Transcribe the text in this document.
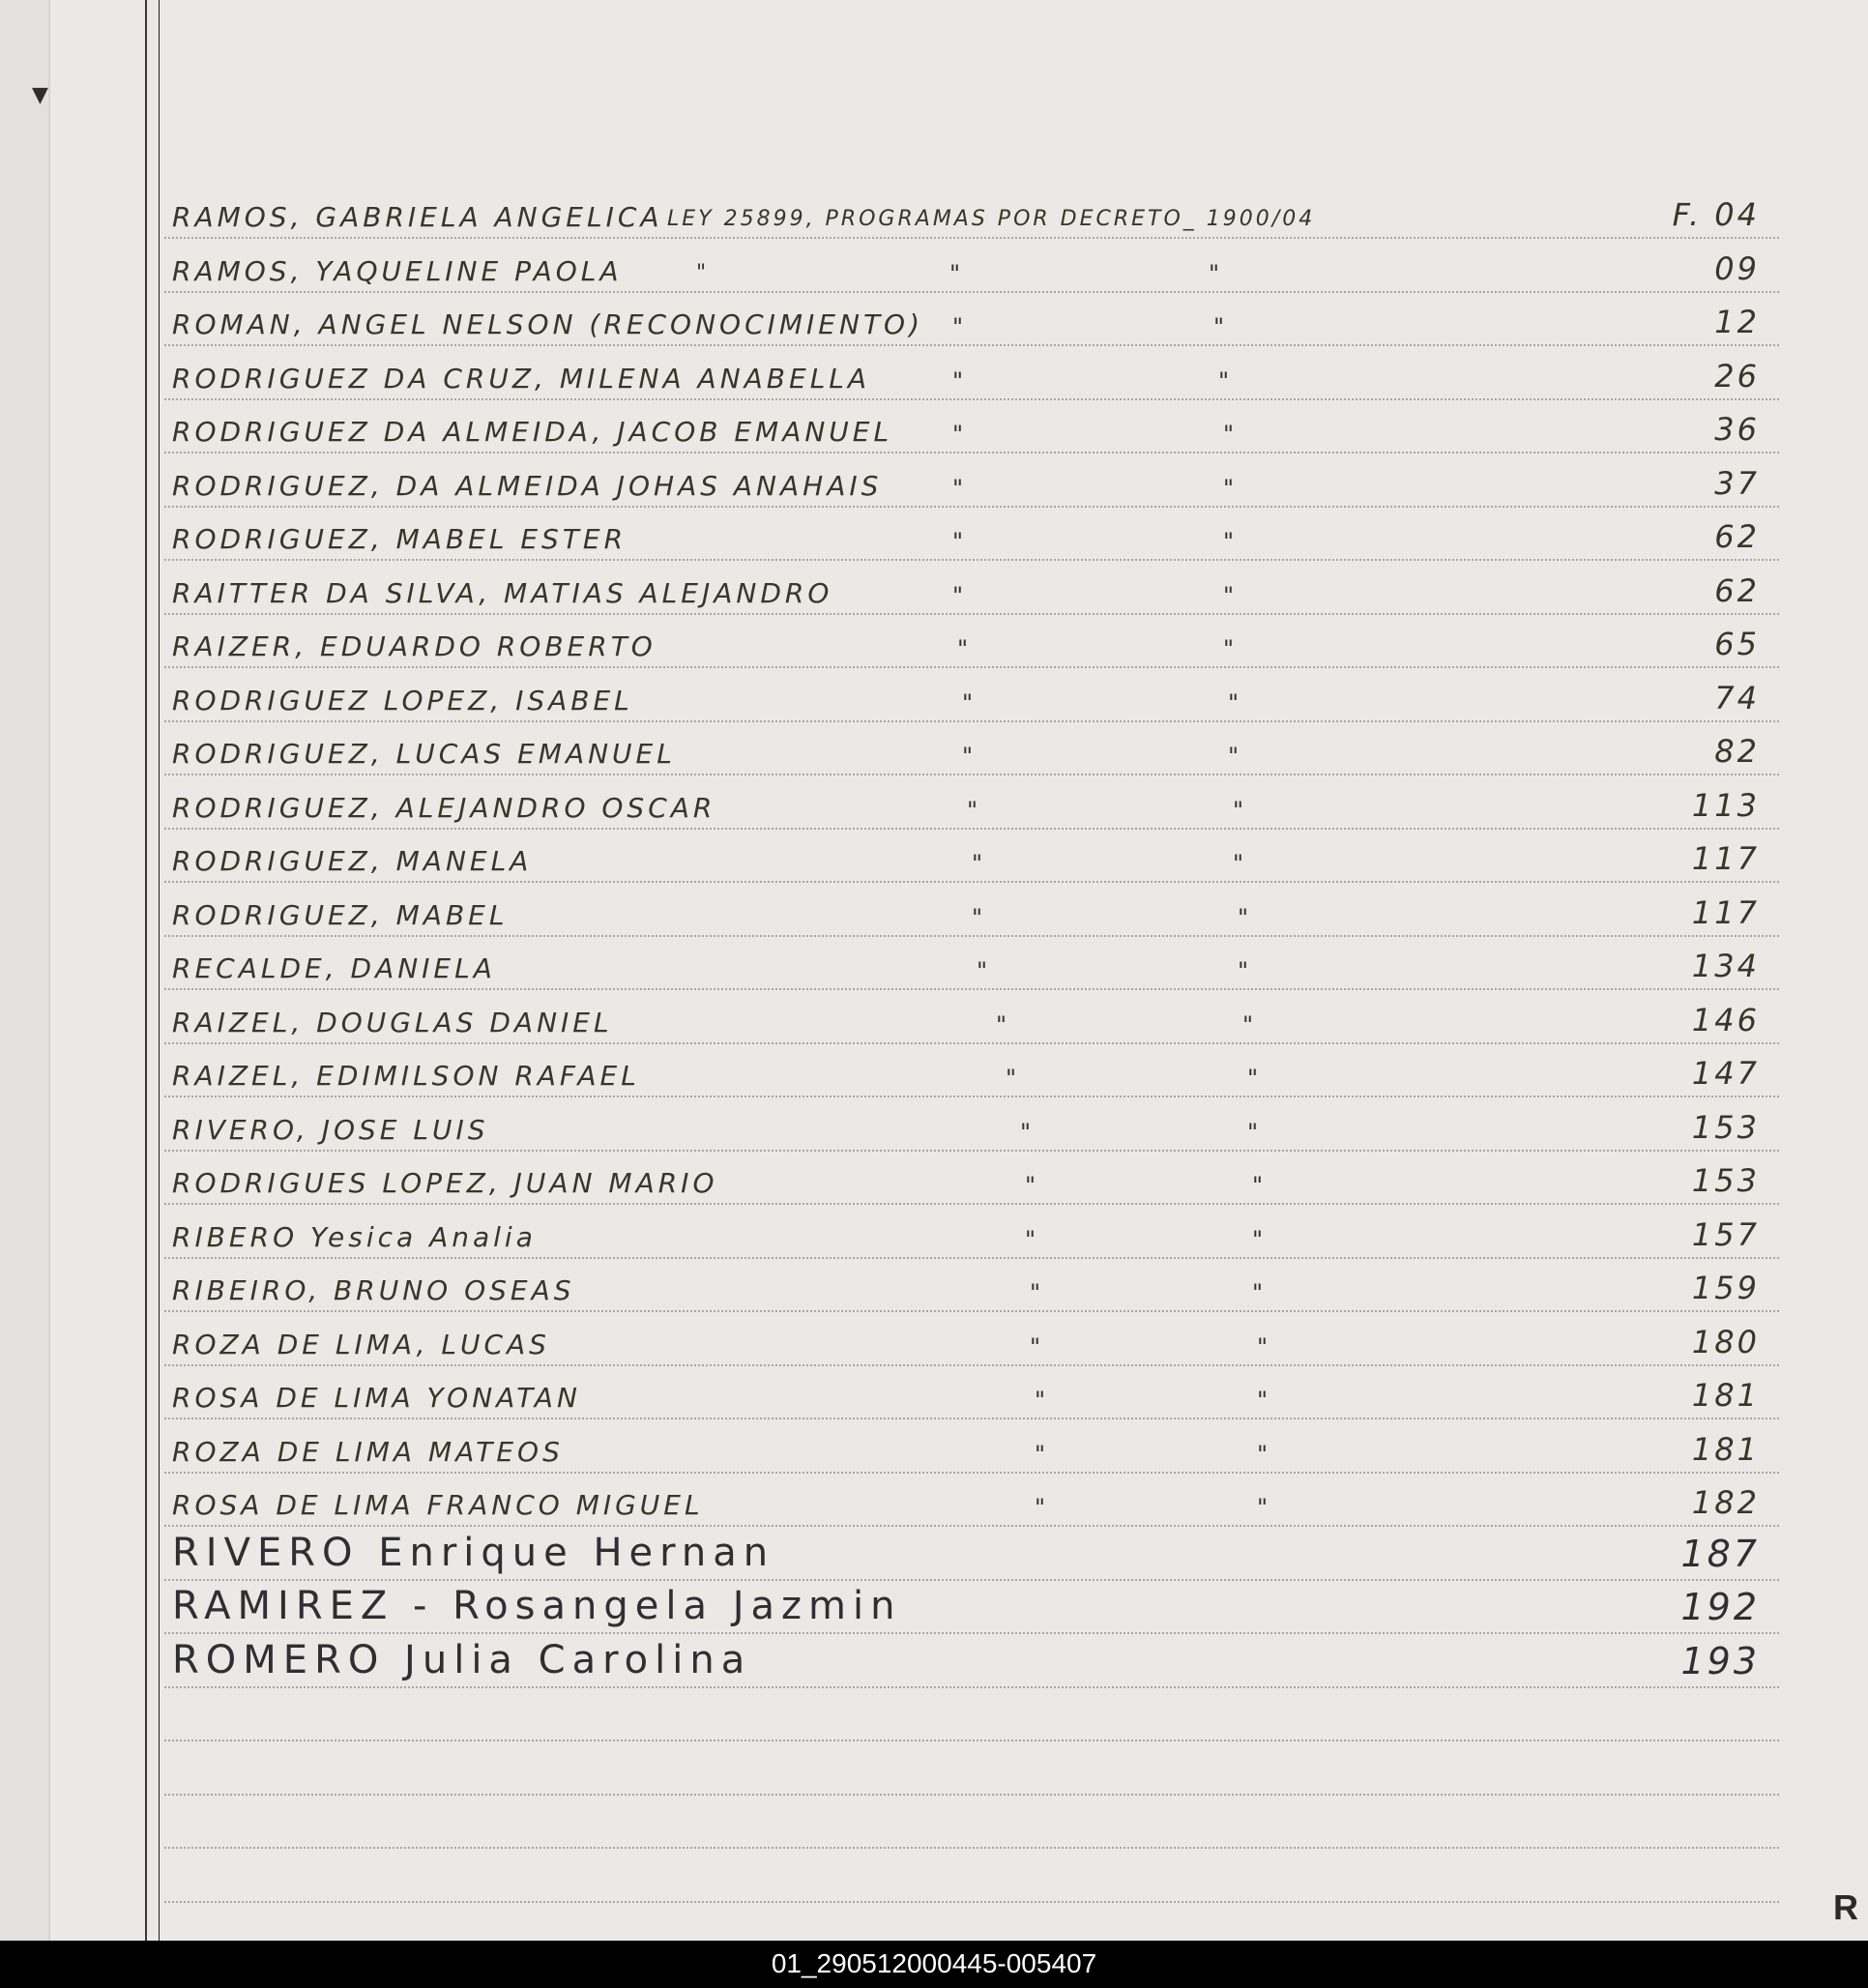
▼
RAMOS, GABRIELA ANGELICA LEY 25899, PROGRAMAS POR DECRETO_ 1900/04	F. 04
RAMOS, YAQUELINE PAOLA	"	"	"	09
ROMAN, ANGEL NELSON (RECONOCIMIENTO) "	"	12
RODRIGUEZ DA CRUZ, MILENA ANABELLA	"	"	26
RODRIGUEZ DA ALMEIDA, JACOB EMANUEL	"	"	36
RODRIGUEZ, DA ALMEIDA JOHAS ANAHAIS	"	"	37
RODRIGUEZ, MABEL ESTER	"	"	62
RAITTER DA SILVA, MATIAS ALEJANDRO	"	"	62
RAIZER, EDUARDO ROBERTO	"	"	65
RODRIGUEZ LOPEZ, ISABEL	"	"	74
RODRIGUEZ, LUCAS EMANUEL	"	"	82
RODRIGUEZ, ALEJANDRO OSCAR	"	"	113
RODRIGUEZ, MANELA	"	"	117
RODRIGUEZ, MABEL	"	"	117
RECALDE, DANIELA	"	"	134
RAIZEL, DOUGLAS DANIEL	"	"	146
RAIZEL, EDIMILSON RAFAEL	"	"	147
RIVERO, JOSE LUIS	"	"	153
RODRIGUES LOPEZ, JUAN MARIO	"	"	153
RIBERO Yesica Analia	"	"	157
RIBEIRO, BRUNO OSEAS	"	"	159
ROZA DE LIMA, LUCAS	"	"	180
ROSA DE LIMA YONATAN	"	"	181
ROZA DE LIMA MATEOS	"	"	181
ROSA DE LIMA FRANCO MIGUEL	"	"	182
RIVERO Enrique Hernan	187
RAMIREZ - Rosangela Jazmin	192
ROMERO Julia Carolina	193
R
01_290512000445-005407
